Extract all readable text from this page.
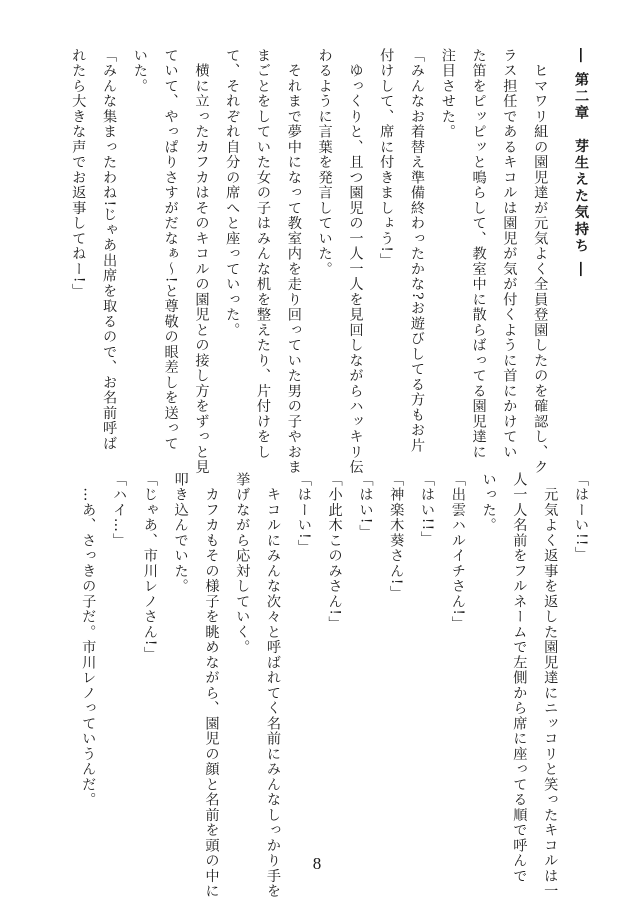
― 第二章　芽生えた気持ち ―
　ヒマワリ組の園児達が元気よく全員登園したのを確認し、ク
ラス担任であるキコルは園児が気が付くように首にかけてい
た笛をピッピッと鳴らして、教室中に散らばってる園児達に
注目させた。
「みんなお着替え準備終わったかな?お遊びしてる方もお片
付けして、席に付きましょう!」
　ゆっくりと、且つ園児の一人一人を見回しながらハッキリ伝
わるように言葉を発言していた。
　それまで夢中になって教室内を走り回っていた男の子やおま
まごとをしていた女の子はみんな机を整えたり、片付けをし
て、それぞれ自分の席へと座っていった。
　横に立ったカフカはそのキコルの園児との接し方をずっと見
ていて、やっぱりさすがだなぁ〜!と尊敬の眼差しを送って
いた。
「みんな集まったわね!じゃあ出席を取るので、お名前呼ば
れたら大きな声でお返事してねー!」
「はーい!!」
　元気よく返事を返した園児達にニッコリと笑ったキコルは一
人一人名前をフルネームで左側から席に座ってる順で呼んで
いった。
「出雲ハルイチさん!」
「はい!!」
「神楽木葵さん!」
「はい!」
「小此木このみさん!」
「はーい!」
　キコルにみんな次々と呼ばれてく名前にみんなしっかり手を
挙げながら応対していく。
　カフカもその様子を眺めながら、園児の顔と名前を頭の中に
叩き込んでいた。
「じゃあ、市川レノさん!」
「ハイ…」
　…あ、さっきの子だ。市川レノっていうんだ。
8
